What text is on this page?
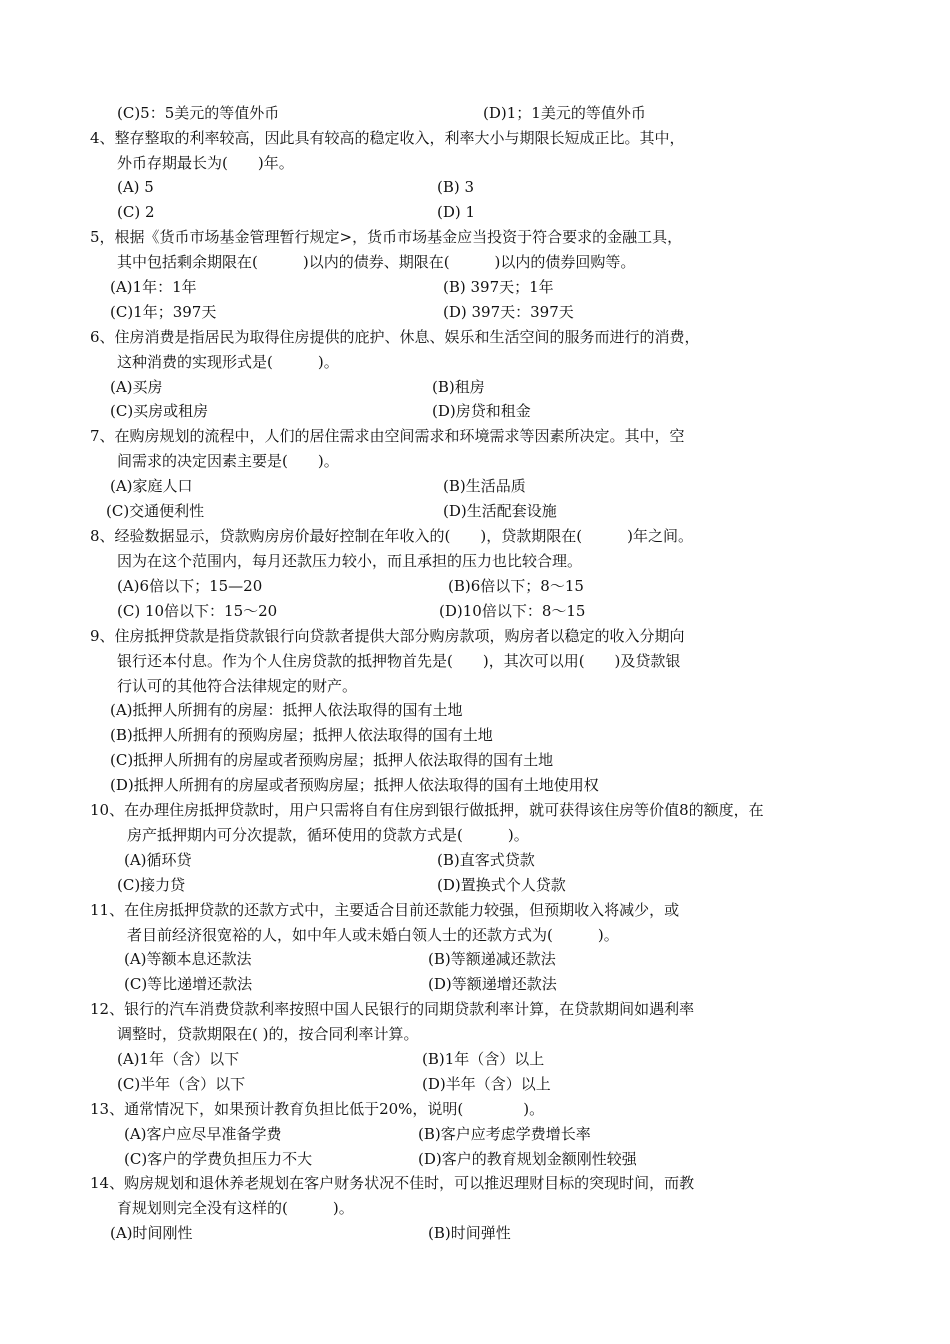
(C)5：5美元的等值外币	(D)1；1美元的等值外币
4、整存整取的利率较高，因此具有较高的稳定收入，利率大小与期限长短成正比。其中，
外币存期最长为(　　)年。
(A) 5	(B) 3
(C) 2	(D) 1
5，根据《货币市场基金管理暂行规定>，货币市场基金应当投资于符合要求的金融工具，
其中包括剩余期限在(　　　)以内的债券、期限在(　　　)以内的债券回购等。
(A)1年：1年	(B) 397天；1年
(C)1年；397天	(D) 397天：397天
6、住房消费是指居民为取得住房提供的庇护、休息、娱乐和生活空间的服务而进行的消费，
这种消费的实现形式是(　　　)。
(A)买房	(B)租房
(C)买房或租房	(D)房贷和租金
7、在购房规划的流程中，人们的居住需求由空间需求和环境需求等因素所决定。其中，空
间需求的决定因素主要是(　　)。
(A)家庭人口	(B)生活品质
(C)交通便利性	(D)生活配套设施
8、经验数据显示，贷款购房房价最好控制在年收入的(　　)，贷款期限在(　　　)年之间。
因为在这个范围内，每月还款压力较小，而且承担的压力也比较合理。
(A)6倍以下；15—20	(B)6倍以下；8～15
(C) 10倍以下：15～20	(D)10倍以下：8～15
9、住房抵押贷款是指贷款银行向贷款者提供大部分购房款项，购房者以稳定的收入分期向
银行还本付息。作为个人住房贷款的抵押物首先是(　　)，其次可以用(　　)及贷款银
行认可的其他符合法律规定的财产。
(A)抵押人所拥有的房屋：抵押人依法取得的国有土地
(B)抵押人所拥有的预购房屋；抵押人依法取得的国有土地
(C)抵押人所拥有的房屋或者预购房屋；抵押人依法取得的国有土地
(D)抵押人所拥有的房屋或者预购房屋；抵押人依法取得的国有土地使用权
10、在办理住房抵押贷款时，用户只需将自有住房到银行做抵押，就可获得该住房等价值8的额度，在
房产抵押期内可分次提款，循环使用的贷款方式是(　　　)。
(A)循环贷	(B)直客式贷款
(C)接力贷	(D)置换式个人贷款
11、在住房抵押贷款的还款方式中，主要适合目前还款能力较强，但预期收入将减少，或
者目前经济很宽裕的人，如中年人或未婚白领人士的还款方式为(　　　)。
(A)等额本息还款法	(B)等额递减还款法
(C)等比递增还款法	(D)等额递增还款法
12、银行的汽车消费贷款利率按照中国人民银行的同期贷款利率计算，在贷款期间如遇利率
调整时，贷款期限在( )的，按合同利率计算。
(A)1年（含）以下	(B)1年（含）以上
(C)半年（含）以下	(D)半年（含）以上
13、通常情况下，如果预计教育负担比低于20%，说明(　　　　)。
(A)客户应尽早准备学费	(B)客户应考虑学费增长率
(C)客户的学费负担压力不大	(D)客户的教育规划金额刚性较强
14、购房规划和退休养老规划在客户财务状况不佳时，可以推迟理财目标的突现时间，而教
育规划则完全没有这样的(　　　)。
(A)时间刚性	(B)时间弹性
